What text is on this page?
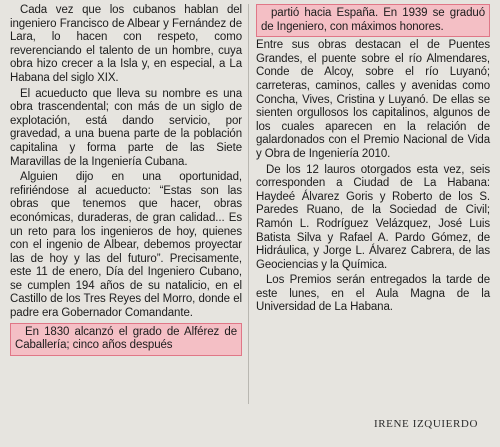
Cada vez que los cubanos hablan del ingeniero Francisco de Albear y Fernández de Lara, lo hacen con respeto, como reverenciando el talento de un hombre, cuya obra hizo crecer a la Isla y, en especial, a La Habana del siglo XIX.

El acueducto que lleva su nombre es una obra trascendental; con más de un siglo de explotación, está dando servicio, por gravedad, a una buena parte de la población capitalina y forma parte de las Siete Maravillas de la Ingeniería Cubana.

Alguien dijo en una oportunidad, refiriéndose al acueducto: “Estas son las obras que tenemos que hacer, obras económicas, duraderas, de gran calidad... Es un reto para los ingenieros de hoy, quienes con el ingenio de Albear, debemos proyectar las de hoy y las del futuro”. Precisamente, este 11 de enero, Día del Ingeniero Cubano, se cumplen 194 años de su natalicio, en el Castillo de los Tres Reyes del Morro, donde el padre era Gobernador Comandante.

En 1830 alcanzó el grado de Alférez de Caballería; cinco años después

partió hacia España. En 1939 se graduó de Ingeniero, con máximos honores.

Entre sus obras destacan el de Puentes Grandes, el puente sobre el río Almendares, Conde de Alcoy, sobre el río Luyanó; carreteras, caminos, calles y avenidas como Concha, Vives, Cristina y Luyanó. De ellas se sienten orgullosos los capitalinos, algunos de los cuales aparecen en la relación de galardonados con el Premio Nacional de Vida y Obra de Ingeniería 2010.

De los 12 lauros otorgados esta vez, seis corresponden a Ciudad de La Habana: Haydeé Álvarez Goris y Roberto de los S. Paredes Ruano, de la Sociedad de Civil; Ramón L. Rodríguez Velázquez, José Luis Batista Silva y Rafael A. Pardo Gómez, de Hidráulica, y Jorge L. Álvarez Cabrera, de las Geociencias y la Química.

Los Premios serán entregados la tarde de este lunes, en el Aula Magna de la Universidad de La Habana.

IRENE IZQUIERDO
